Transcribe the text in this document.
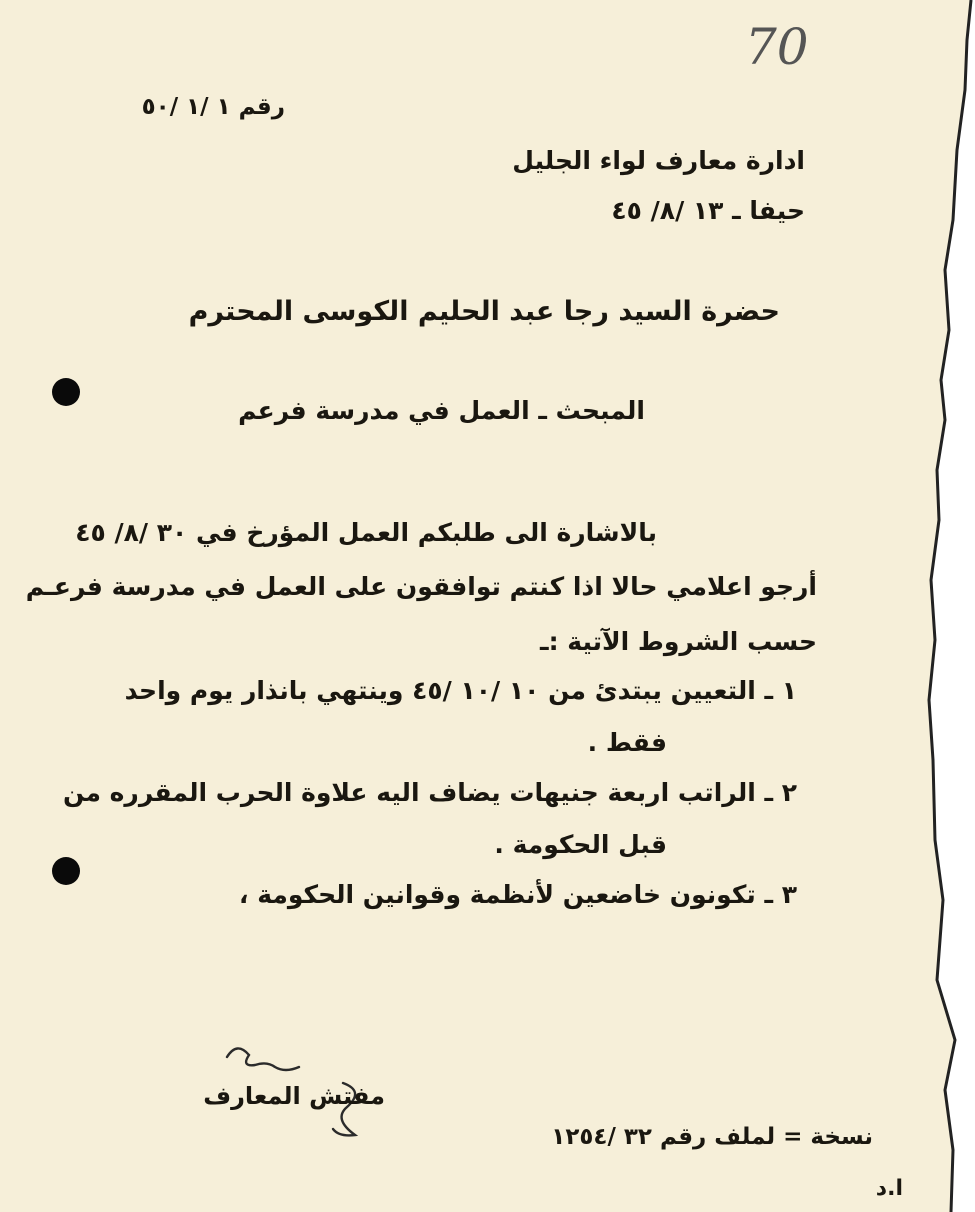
70
رقم ١ /١ /٥٠
ادارة معارف لواء الجليل
حيفا ـ ١٣ /٨/ ٤٥
حضرة السيد رجا عبد الحليم الكوسى المحترم
المبحث ـ العمل في مدرسة فرعم
بالاشارة الى طلبكم العمل المؤرخ في ٣٠ /٨/ ٤٥
أرجو اعلامي حالا اذا كنتم توافقون على العمل في مدرسة فرعـم
حسب الشروط الآتية :ـ
١ ـ التعيين يبتدئ من ١٠ /١٠ /٤٥ وينتهي بانذار يوم واحد
فقط .
٢ ـ الراتب اربعة جنيهات يضاف اليه علاوة الحرب المقرره من
قبل الحكومة .
٣ ـ تكونون خاضعين لأنظمة وقوانين الحكومة ،
مفتش المعارف
نسخة = لملف رقم ٣٢ /١٢٥٤
ا.د
